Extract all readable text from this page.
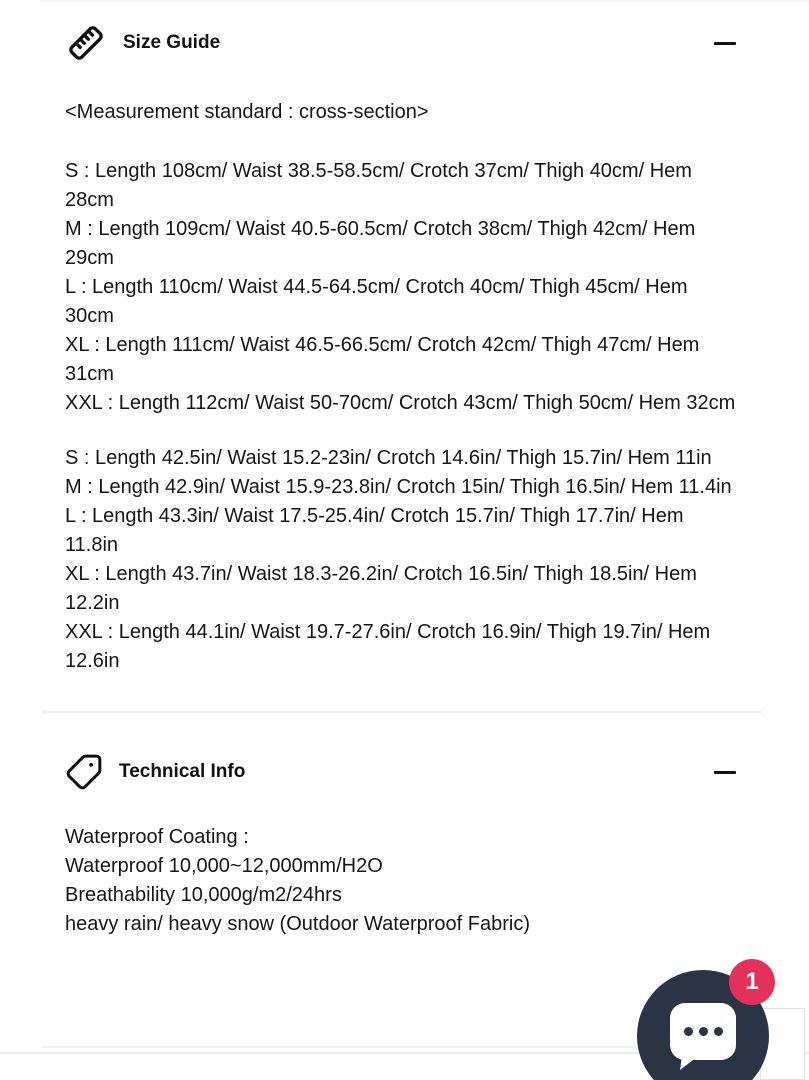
Size Guide

<Measurement standard : cross-section>

S : Length 108cm/ Waist 38.5-58.5cm/ Crotch 37cm/ Thigh 40cm/ Hem 28cm

M : Length 109cm/ Waist 40.5-60.5cm/ Crotch 38cm/ Thigh 42cm/ Hem 29cm

L : Length 110cm/ Waist 44.5-64.5cm/ Crotch 40cm/ Thigh 45cm/ Hem 30cm

XL : Length 111cm/ Waist 46.5-66.5cm/ Crotch 42cm/ Thigh 47cm/ Hem 31cm

XXL : Length 112cm/ Waist 50-70cm/ Crotch 43cm/ Thigh 50cm/ Hem 32cm

S : Length 42.5in/ Waist 15.2-23in/ Crotch 14.6in/ Thigh 15.7in/ Hem 11in

M : Length 42.9in/ Waist 15.9-23.8in/ Crotch 15in/ Thigh 16.5in/ Hem 11.4in

L : Length 43.3in/ Waist 17.5-25.4in/ Crotch 15.7in/ Thigh 17.7in/ Hem 11.8in

XL : Length 43.7in/ Waist 18.3-26.2in/ Crotch 16.5in/ Thigh 18.5in/ Hem 12.2in

XXL : Length 44.1in/ Waist 19.7-27.6in/ Crotch 16.9in/ Thigh 19.7in/ Hem 12.6in

Technical Info

Waterproof Coating :

Waterproof 10,000~12,000mm/H2O

Breathability 10,000g/m2/24hrs

heavy rain/ heavy snow (Outdoor Waterproof Fabric)

1
